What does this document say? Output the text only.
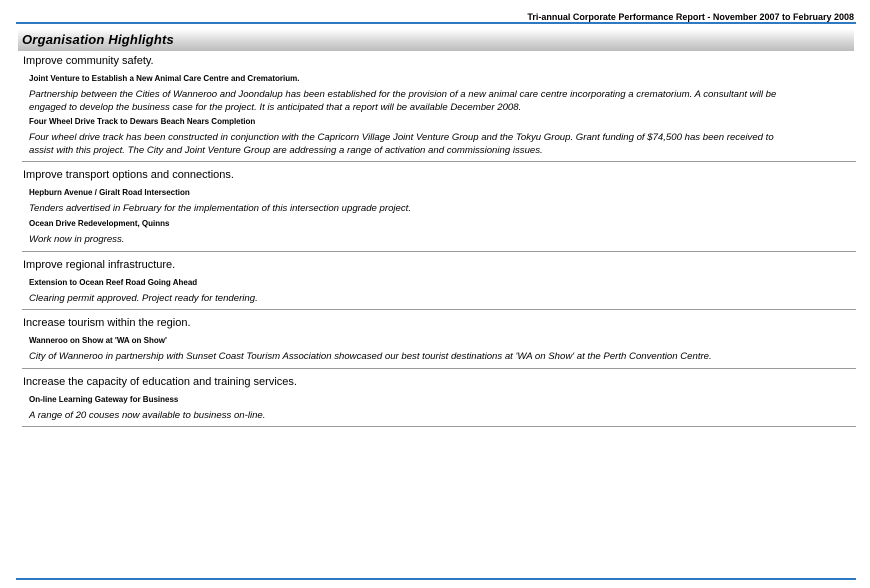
Tri-annual Corporate Performance Report - November 2007 to February 2008
Organisation Highlights
Improve community safety.
Joint Venture to Establish a New Animal Care Centre and Crematorium.
Partnership between the Cities of Wanneroo and Joondalup has been established for the provision of a new animal care centre incorporating a crematorium. A consultant will be engaged to develop the business case for the project. It is anticipated that a report will be available December 2008.
Four Wheel Drive Track to Dewars Beach Nears Completion
Four wheel drive track has been constructed in conjunction with the Capricorn Village Joint Venture Group and the Tokyu Group. Grant funding of $74,500 has been received to assist with this project. The City and Joint Venture Group are addressing a range of activation and commissioning issues.
Improve transport options and connections.
Hepburn Avenue / Giralt Road Intersection
Tenders advertised in February for the implementation of this intersection upgrade project.
Ocean Drive Redevelopment, Quinns
Work now in progress.
Improve regional infrastructure.
Extension to Ocean Reef Road Going Ahead
Clearing permit approved. Project ready for tendering.
Increase tourism within the region.
Wanneroo on Show at 'WA on Show'
City of Wanneroo in partnership with Sunset Coast Tourism Association showcased our best tourist destinations at 'WA on Show' at the Perth Convention Centre.
Increase the capacity of education and training services.
On-line Learning Gateway for Business
A range of 20 couses now available to business on-line.
